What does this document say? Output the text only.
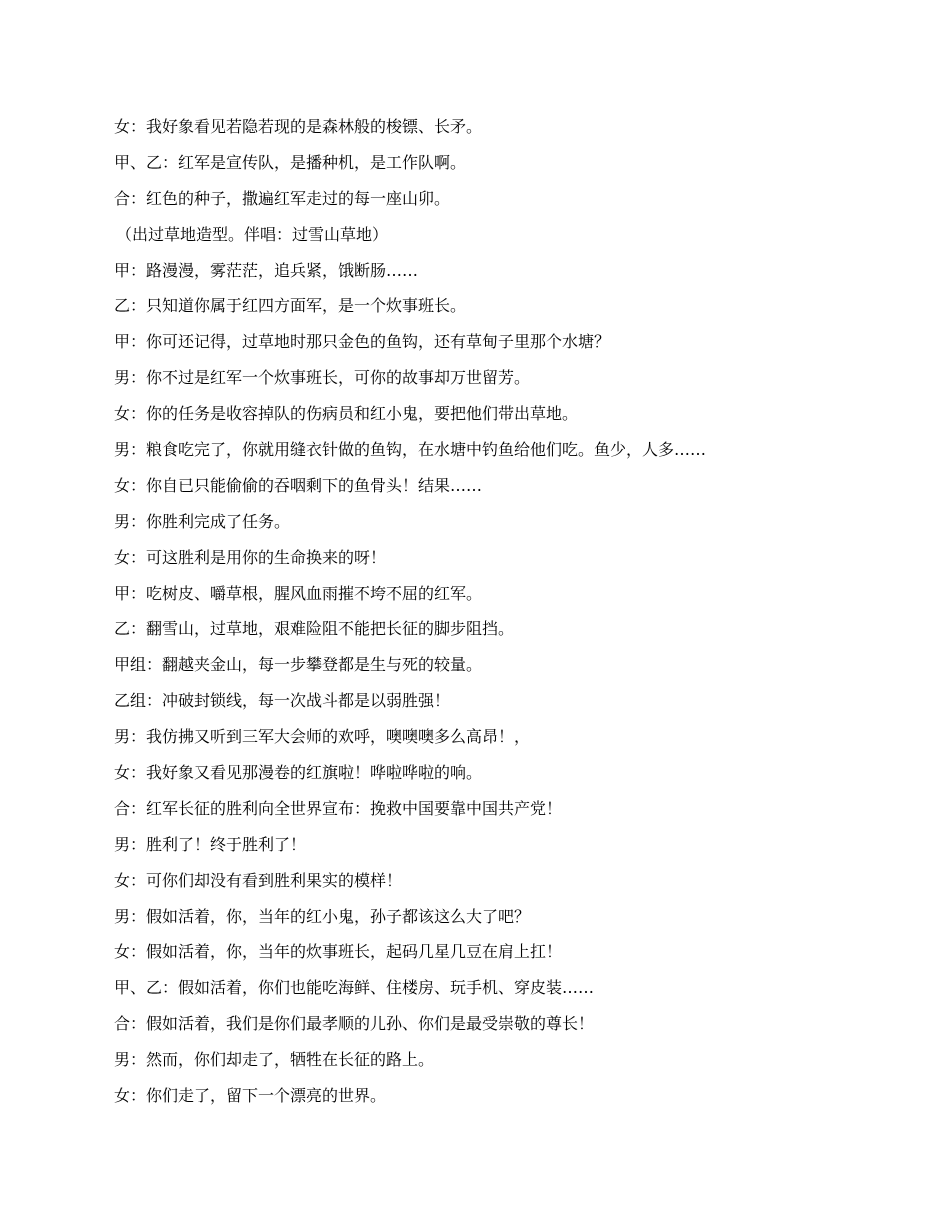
女：我好象看见若隐若现的是森林般的梭镖、长矛。
甲、乙：红军是宣传队，是播种机，是工作队啊。
合：红色的种子，撒遍红军走过的每一座山卯。
（出过草地造型。伴唱：过雪山草地）
甲：路漫漫，雾茫茫，追兵紧，饿断肠……
乙：只知道你属于红四方面军，是一个炊事班长。
甲：你可还记得，过草地时那只金色的鱼钩，还有草甸子里那个水塘？
男：你不过是红军一个炊事班长，可你的故事却万世留芳。
女：你的任务是收容掉队的伤病员和红小鬼，要把他们带出草地。
男：粮食吃完了，你就用缝衣针做的鱼钩，在水塘中钓鱼给他们吃。鱼少，人多……
女：你自已只能偷偷的吞咽剩下的鱼骨头！结果……
男：你胜利完成了任务。
女：可这胜利是用你的生命换来的呀！
甲：吃树皮、嚼草根，腥风血雨摧不垮不屈的红军。
乙：翻雪山，过草地，艰难险阻不能把长征的脚步阻挡。
甲组：翻越夹金山，每一步攀登都是生与死的较量。
乙组：冲破封锁线，每一次战斗都是以弱胜强！
男：我仿拂又听到三军大会师的欢呼，噢噢噢多么高昂！，
女：我好象又看见那漫卷的红旗啦！哗啦哗啦的响。
合：红军长征的胜利向全世界宣布：挽救中国要靠中国共产党！
男：胜利了！终于胜利了！
女：可你们却没有看到胜利果实的模样！
男：假如活着，你，当年的红小鬼，孙子都该这么大了吧？
女：假如活着，你，当年的炊事班长，起码几星几豆在肩上扛！
甲、乙：假如活着，你们也能吃海鲜、住楼房、玩手机、穿皮装……
合：假如活着，我们是你们最孝顺的儿孙、你们是最受崇敬的尊长！
男：然而，你们却走了，牺牲在长征的路上。
女：你们走了，留下一个漂亮的世界。
